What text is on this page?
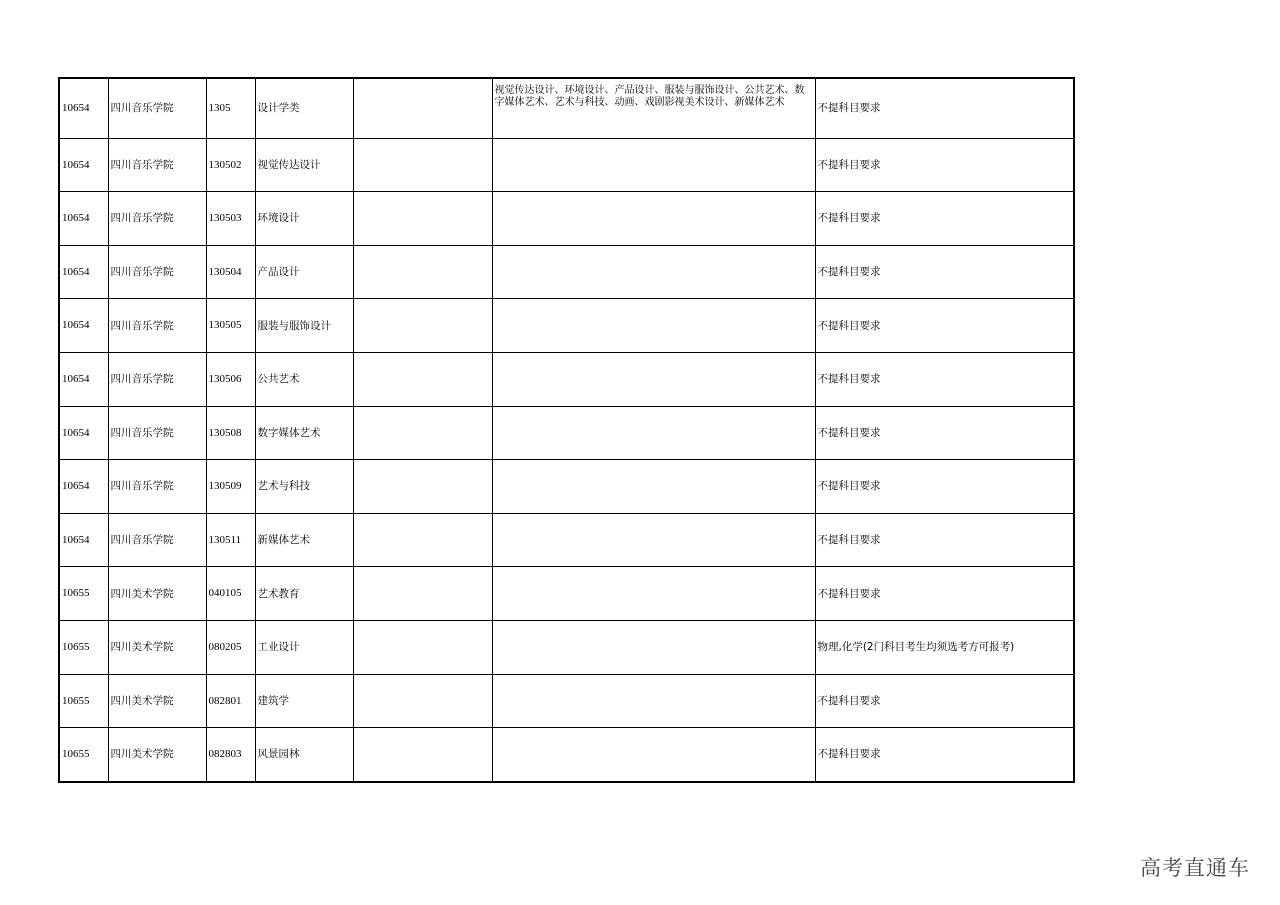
10654	四川音乐学院	1305	设计学类		视觉传达设计、环境设计、产品设计、服装与服饰设计、公共艺术、数字媒体艺术、艺术与科技、动画、戏剧影视美术设计、新媒体艺术	不提科目要求
10654	四川音乐学院	130502	视觉传达设计			不提科目要求
10654	四川音乐学院	130503	环境设计			不提科目要求
10654	四川音乐学院	130504	产品设计			不提科目要求
10654	四川音乐学院	130505	服装与服饰设计			不提科目要求
10654	四川音乐学院	130506	公共艺术			不提科目要求
10654	四川音乐学院	130508	数字媒体艺术			不提科目要求
10654	四川音乐学院	130509	艺术与科技			不提科目要求
10654	四川音乐学院	130511	新媒体艺术			不提科目要求
10655	四川美术学院	040105	艺术教育			不提科目要求
10655	四川美术学院	080205	工业设计			物理,化学(2门科目考生均须选考方可报考)
10655	四川美术学院	082801	建筑学			不提科目要求
10655	四川美术学院	082803	风景园林			不提科目要求
高考直通车
